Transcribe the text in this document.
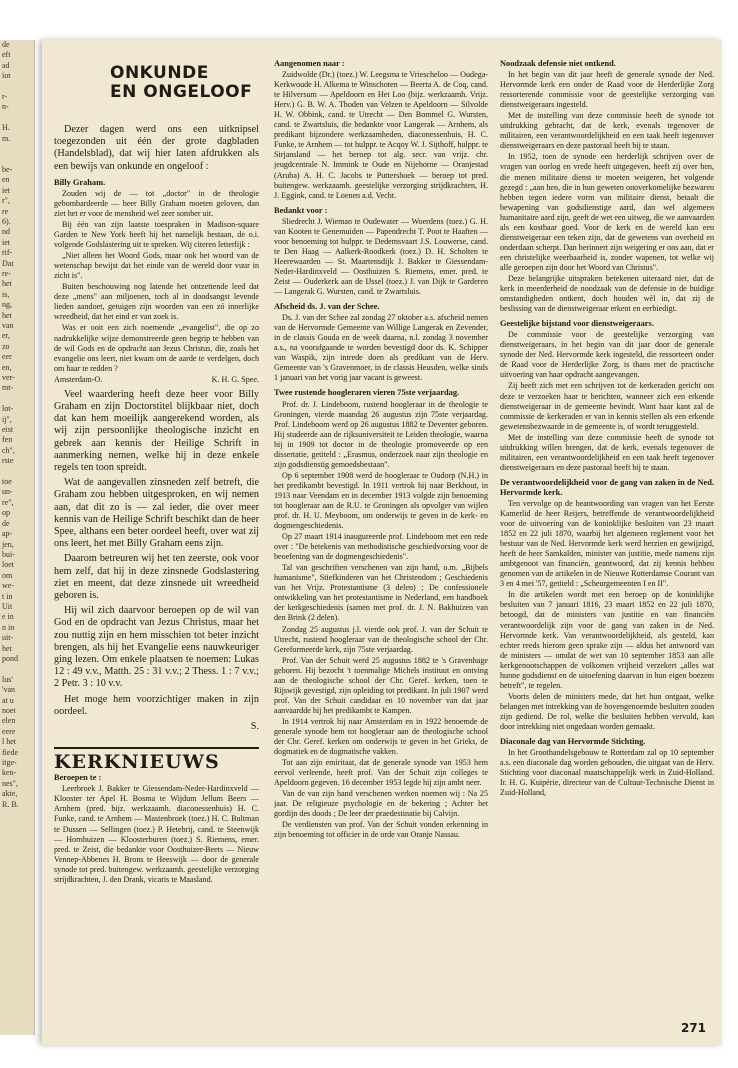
de
eft
ad
iot

r-
n-

H.
m.

be-
en
iet
r",
re
6).
nd
iet
rif-
Dat
re-
het
is,
ng,
het
van
er,
zo
eer
en,
ver-
mt-

lot-
ij",
eist
fen
ch",
rste

toe
un-
re",
op
de
ap-
jen,
bui-
loet
om
we-
t in
Uit
e in
n in
uit-
het
pond

lus'
'van
at u
noet
elen
eere
l het
fiede
itge-
ken-
nes",
akte,
R. B.
ONKUNDE
EN ONGELOOF

Dezer dagen werd ons een uitknipsel toegezonden uit één der grote dagbladen (Handelsblad), dat wij hier laten afdrukken als een bewijs van onkunde en ongeloof :

Billy Graham.

Zouden wij de — tot „doctor" in de theologie gebombardeerde — heer Billy Graham moeten geloven, dan ziet het er voor de mensheid wel zeer somber uit.

Bij één van zijn laatste toespraken in Madison-square Garden te New York heeft hij het namelijk bestaan, de o.i. volgende Godslastering uit te spreken. Wij citeren letterlijk :

„Niet alleen het Woord Gods, maar ook het woord van de wetenschap bewijst dat het einde van de wereld door vuur in zicht is".

Buiten beschouwing nog latende het ontzettende leed dat deze „mens" aan miljoenen, toch al in doodsangst levende lieden aandoet, getuigen zijn woorden van een zó innerlijke wreedheid, dat het eind er van zoek is.

Was er ooit een zich noemende „evangelist", die op zo nadrukkelijke wijze demonstreerde geen begrip te hebben van de wil Gods en de opdracht aan Jezus Christus, die, zoals het evangelie ons leert, niet kwam om de aarde te verdelgen, doch om haar te redden ?

Amsterdam-O.	K. H. G. Spee.

Veel waardering heeft deze heer voor Billy Graham en zijn Doctorstitel blijkbaar niet, doch dat kan hem moeilijk aangerekend worden, als wij zijn persoonlijke theologische inzicht en gebrek aan kennis der Heilige Schrift in aanmerking nemen, welke hij in deze enkele regels ten toon spreidt.

Wat de aangevallen zinsneden zelf betreft, die Graham zou hebben uitgesproken, en wij nemen aan, dat dit zo is — zal ieder, die over meer kennis van de Heilige Schrift beschikt dan de heer Spee, althans een beter oordeel heeft, over wat zij ons leert, het met Billy Graham eens zijn.

Daarom betreuren wij het ten zeerste, ook voor hem zelf, dat hij in deze zinsnede Godslastering ziet en meent, dat deze zinsnede uit wreedheid geboren is.

Hij wil zich daarvoor beroepen op de wil van God en de opdracht van Jezus Christus, maar het zou nuttig zijn en hem misschien tot beter inzicht brengen, als hij het Evangelie eens nauwkeuriger ging lezen. Om enkele plaatsen te noemen: Lukas 12 : 49 v.v., Matth. 25 : 31 v.v.; 2 Thess. 1 : 7 v.v.; 2 Petr. 3 : 10 v.v.

Het moge hem voorzichtiger maken in zijn oordeel.

S.
KERKNIEUWS
Beroepen te :

Leerbroek J. Bakker te Giessendam-Neder-Hardinxveld — Klooster ter Apel H. Bosma te Wijdum Jellum Beers — Arnhem (pred. bijz. werkzaamh. diaconessenhuis) H. C. Funke, cand. te Arnhem — Mastenbroek (toez.) H. C. Bultman te Dussen — Sellingen (toez.) P. Hetebrij, cand. te Steenwijk — Hornhuizen — Kloosterburen (toez.) S. Riemens, emer. pred. te Zeist, die bedankte voor Oosthuizer-Beets — Nieuw Vennep-Abbenes H. Brons te Heeswijk — door de generale synode tot pred. buitengew. werkzaamh. geestelijke verzorging strijdkrachten, J. den Drank, vicaris te Maasland.

Aangenomen naar :

Zuidwolde (Dr.) (toez.) W. Leegsma te Vriescheloo — Oudega-Kerkwoude H. Alkema te Winschoten — Beerta A. de Coq, cand. te Hilversum — Apeldoorn en Het Loo (bijz. werkzaamh. Vrijz. Herv.) G. B. W. A. Thoden van Velzen te Apeldoorn — Silvolde H. W. Obbink, cand. te Utrecht — Den Bommel G. Wursten, cand. te Zwartsluis, die bedankte voor Langerak — Arnhem, als predikant bijzondere werkzaamheden, diaconessenhuis, H. C. Funke, te Arnhem — tot hulppr. te Acqoy W. J. Sijthoff, hulppr. te Sirjansland — het beroep tot alg. secr. van vrijz. chr. jeugdcentrale N. Immink te Oude en Nijehorne — Oranjestad (Aruba) A. H. C. Jacobs te Puttershoek — beroep tot pred. buitengew. werkzaamh. geestelijke verzorging strijdkrachten, H. J. Eggink, cand. te Loenen a.d. Vecht.

Bedankt voor :

Sliedrecht J. Wieman te Oudewater — Woerdens (toez.) G. H. van Kooten te Genemuiden — Papendrecht T. Poot te Haaften — voor benoeming tot hulppr. te Dedemsvaart J.S. Louwerse, cand. te Den Haag — Aalkerk-Roodkerk (toez.) D. H. Scholten te Heerewaarden — St. Maartensdijk J. Bakker te Giessendam-Neder-Hardinxveld — Oosthuizen S. Riemens, emer. pred. te Zeist — Ouderkerk aan de IJssel (toez.) J. van Dijk te Garderen — Langerak G. Wursten, cand. te Zwartsluis.

Afscheid ds. J. van der Schee.

Ds. J. van der Schee zal zondag 27 oktober a.s. afscheid nemen van de Hervormde Gemeente van Willige Langerak en Zevender, in de classis Gouda en de week daarna, n.l. zondag 3 november a.s., na voorafgaande te worden bevestigd door ds. K. Schipper van Waspik, zijn intrede doen als predikant van de Herv. Gemeente van 's Gravenmoer, in de classis Heusden, welke sinds 1 januari van het vorig jaar vacant is geweest.

Twee rustende hoogleraren vieren 75ste verjaardag.

Prof. dr. J. Lindeboom, rustend hoogleraar in de theologie te Groningen, vierde maandag 26 augustus zijn 75ste verjaardag. Prof. Lindeboom werd op 26 augustus 1882 te Deventer geboren. Hij studeerde aan de rijksuniversiteit te Leiden theologie, waarna hij in 1909 tot doctor in de theologie promoveerde op een dissertatie, getiteld : „Erasmus, onderzoek naar zijn theologie en zijn godsdienstig gemoedsbestaan".

Op 6 september 1908 werd de hoogleraar te Oudorp (N.H.) in het predikambt bevestigd. In 1911 vertrok hij naar Berkhout, in 1913 naar Veendam en in december 1913 volgde zijn benoeming tot hoogleraar aan de R.U. te Groningen als opvolger van wijlen prof. dr. H. U. Meyboom, om onderwijs te geven in de kerk- en dogmengeschiedenis.

Op 27 maart 1914 inaugureerde prof. Lindeboom met een rede over : "De betekenis van methodistische geschiedvorsing voor de beoefening van de dogmengeschiedenis".

Tal van geschriften verschenen van zijn hand, o.m. „Bijbels humanisme", Stiefkinderen van het Christendom ; Geschiedenis van het Vrijz. Protestantisme (3 delen) ; De confessionele ontwikkeling van het protestantisme in Nederland, een handboek der kerkgeschiedenis (samen met prof. dr. J. N. Bakhuizen van den Brink (2 delen).

Zondag 25 augustus j.l. vierde ook prof. J. van der Schuit te Utrecht, rustend hoogleraar van de theologische school der Chr. Gereformeerde kerk, zijn 75ste verjaardag.

Prof. Van der Schuit werd 25 augustus 1882 te 's Gravenhage geboren. Hij bezocht 't toenmalige Michels instituut en ontving aan de theologische school der Chr. Geref. kerken, toen te Rijswijk gevestigd, zijn opleiding tot predikant. In juli 1907 werd prof. Van der Schuit candidaat en 10 november van dat jaar aanvaardde hij het predikambt te Kampen.

In 1914 vertrok hij naar Amsterdam en in 1922 benoemde de generale synode hem tot hoogleraar aan de theologische school der Chr. Geref. kerken om onderwijs te geven in het Grieks, de dogmatiek en de dogmatische vakken.

Tot aan zijn emiritaat, dat de generale synode van 1953 hem eervol verleende, heeft prof. Van der Schuit zijn colleges te Apeldoorn gegeven. 16 december 1953 legde hij zijn ambt neer.

Van de van zijn hand verschenen werken noemen wij : Na 25 jaar. De religieuze psychologie en de bekering ; Achter het gordijn des doods ; De leer der praedestinatie bij Calvijn.

De verdiensten van prof. Van der Schuit vonden erkenning in zijn benoeming tot officier in de orde van Oranje Nassau.

Noodzaak defensie niet ontkend.

In het begin van dit jaar heeft de generale synode der Ned. Hervormde kerk een onder de Raad voor de Herderlijke Zorg ressorterende commissie voor de geestelijke verzorging van dienstweigeraars ingesteld.

Met de instelling van deze commissie heeft de synode tot uitdrukking gebracht, dat de kerk, evenals tegenover de militairen, een verantwoordelijkheid en een taak heeft tegenover dienstweigeraars en deze pastoraal heeft bij te staan.

In 1952, toen de synode een herderlijk schrijven over de vragen van oorlog en vrede heeft uitgegeven, heeft zij over hen, die menen militaire dienst te moeten weigeren, het volgende gezegd : „aan hen, die in hun geweten onoverkomelijke bezwaren hebben tegen iedere vorm van militaire dienst, betaalt die bewapening van godsdienstige aard, dan wel algemeen humanitaire aard zijn, geeft de wet een uitweg, die we aanvaarden als een kostbaar goed. Voor de kerk en de wereld kan een dienstweigeraar een teken zijn, dat de gewetens van overheid en onderdaan scherpt. Dan herinnert zijn weigering er ons aan, dat er een christelijke weerbaarheid is, zonder wapenen, tot welke wij alle geroepen zijn door het Woord van Christus".

Deze belangrijke uitspraken betekenen uiteraard niet, dat de kerk in meerderheid de noodzaak van de defensie in de huidige omstandigheden ontkent, doch houden wèl in, dat zij de beslissing van de dienstweigeraar erkent en eerbiedigt.

Geestelijke bijstand voor dienstweigeraars.

De commissie voor de geestelijke verzorging van dienstweigeraars, in het begin van dit jaar door de generale synode der Ned. Hervormde kerk ingesteld, die ressorteert onder de Raad voor de Herderlijke Zorg, is thans met de practische uitvoering van haar opdracht aangevangen.

Zij heeft zich met een schrijven tot de kerkeraden gericht om deze te verzoeken haar te berichten, wanneer zich een erkende dienstweigeraar in de gemeente bevindt. Want haar kant zal de commissie de kerkeraden er van in kennis stellen als een erkende gewetensbezwaarde in de gemeente is, of wordt teruggesteld.

Met de instelling van deze commissie heeft de synode tot uitdrukking willen brengen, dat de kerk, evenals tegenover de militairen, een verantwoordelijkheid en een taak heeft tegenover dienstweigeraars en deze pastoraal heeft bij te staan.

De verantwoordelijkheid voor de gang van zaken in de Ned. Hervormde kerk.

Ten vervolge op de beantwoording van vragen van het Eerste Kamerlid de heer Reijers, betreffende de verantwoordelijkheid voor de uitvoering van de koninklijke besluiten van 23 maart 1852 en 22 juli 1870, waarbij het algemeen reglement voor het bestuur van de Ned. Hervormde kerk werd herzien en gewijzigd, heeft de heer Samkalden, minister van justitie, mede namens zijn ambtgenoot van financiën, geantwoord, dat zij kennis hebben genomen van de artikelen in de Nieuwe Rotterdamse Courant van 3 en 4 mei '57, getiteld : „Scheurgemeenten I en II".

In die artikelen wordt met een beroep op de koninklijke besluiten van 7 januari 1816, 23 maart 1852 en 22 juli 1870, betoogd, dat de ministers van justitie en van financiën verantwoordelijk zijn voor de gang van zaken in de Ned. Hervormde kerk. Van verantwoordelijkheid, als gesteld, kan echter reeds hierom geen sprake zijn — aldus het antwoord van de ministers — omdat de wet van 10 september 1853 aan alle kerkgenootschappen de volkomen vrijheid verzekert „alles wat hunne godsdienst en de uitoefening daarvan in hun eigen boezem betreft", te regelen.

Voorts delen de ministers mede, dat het hun ontgaat, welke belangen met intrekking van de bovengenoemde besluiten zouden zijn gediend. De rol, welke die besluiten hebben vervuld, kan door intrekking niet ongedaan worden gemaakt.

Diaconale dag van Hervormde Stichting.

In het Groothandelsgebouw te Rotterdam zal op 10 september a.s. een diaconale dag worden gehouden, die uitgaat van de Herv. Stichting voor diaconaal maatschappelijk werk in Zuid-Holland. Ir. H. G. Kuipérie, directeur van de Cultuur-Technische Dienst in Zuid-Holland,

271
